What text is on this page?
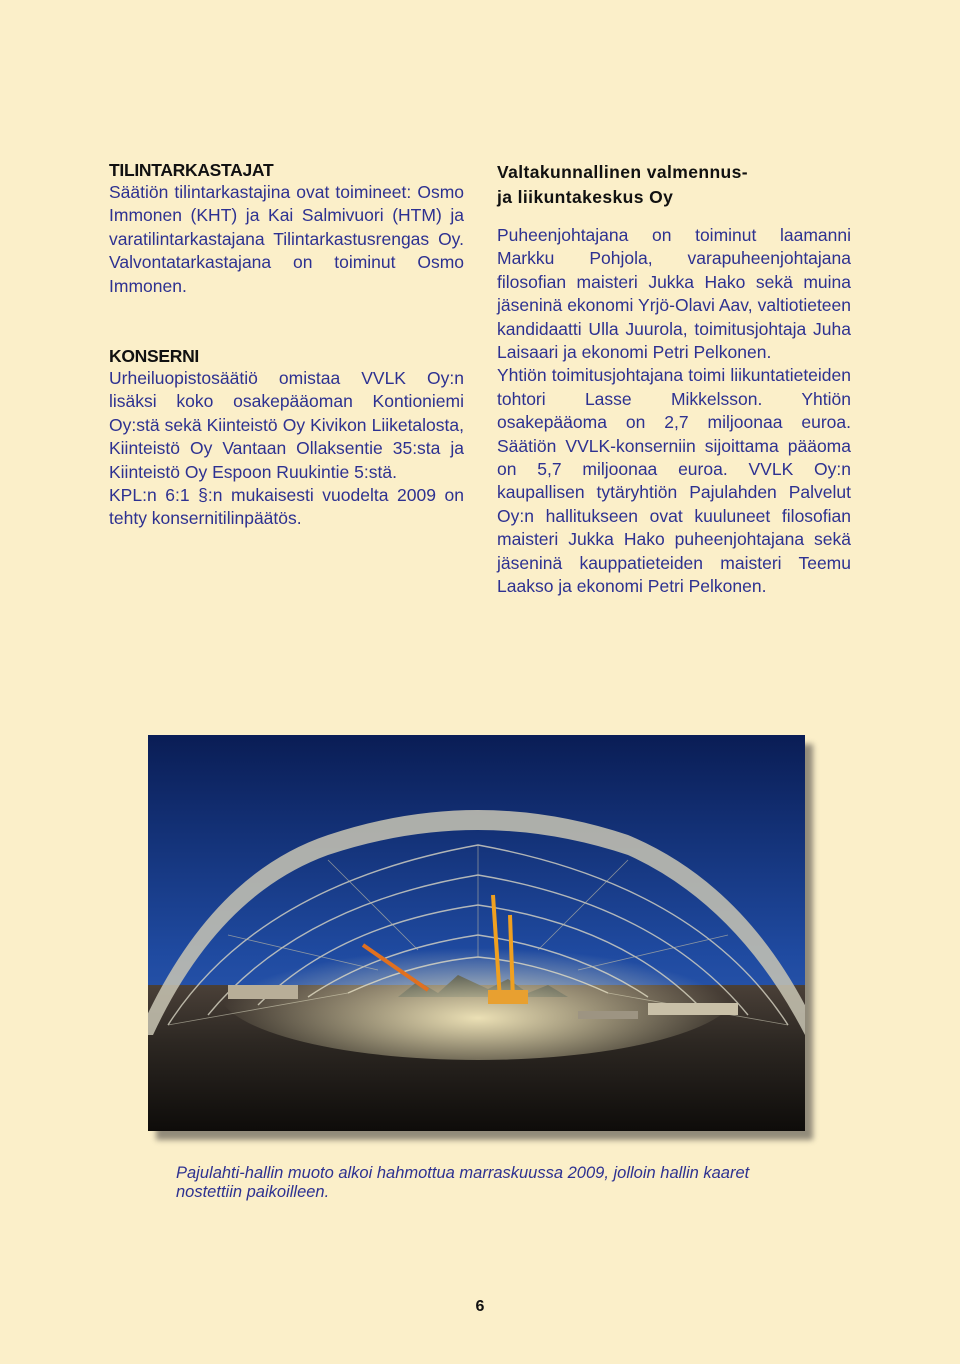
TILINTARKASTAJAT

Säätiön tilintarkastajina ovat toimineet: Osmo Immonen (KHT) ja Kai Salmivuori (HTM) ja varatilintarkastajana Tilintarkastusrengas Oy. Valvontatarkastajana on toiminut Osmo Immonen.

KONSERNI

Urheiluopistosäätiö omistaa VVLK Oy:n lisäksi koko osakepääoman Kontioniemi Oy:stä sekä Kiinteistö Oy Kivikon Liiketalosta, Kiinteistö Oy Vantaan Ollaksentie 35:sta ja Kiinteistö Oy Espoon Ruukintie 5:stä.

KPL:n 6:1 §:n mukaisesti vuodelta 2009 on tehty konsernitilinpäätös.

Valtakunnallinen valmennus-
ja liikuntakeskus Oy

Puheenjohtajana on toiminut laamanni Markku Pohjola, varapuheenjohtajana filosofian maisteri Jukka Hako sekä muina jäseninä ekonomi Yrjö-Olavi Aav, valtiotieteen kandidaatti Ulla Juurola, toimitusjohtaja Juha Laisaari ja ekonomi Petri Pelkonen.

Yhtiön toimitusjohtajana toimi liikuntatieteiden tohtori Lasse Mikkelsson. Yhtiön osakepääoma on 2,7 miljoonaa euroa. Säätiön VVLK-konserniin sijoittama pääoma on 5,7 miljoonaa euroa. VVLK Oy:n kaupallisen tytäryhtiön Pajulahden Palvelut Oy:n hallitukseen ovat kuuluneet filosofian maisteri Jukka Hako puheenjohtajana sekä jäseninä kauppatieteiden maisteri Teemu Laakso ja ekonomi Petri Pelkonen.

Pajulahti-hallin muoto alkoi hahmottua marraskuussa 2009, jolloin hallin kaaret nostettiin paikoilleen.
6
